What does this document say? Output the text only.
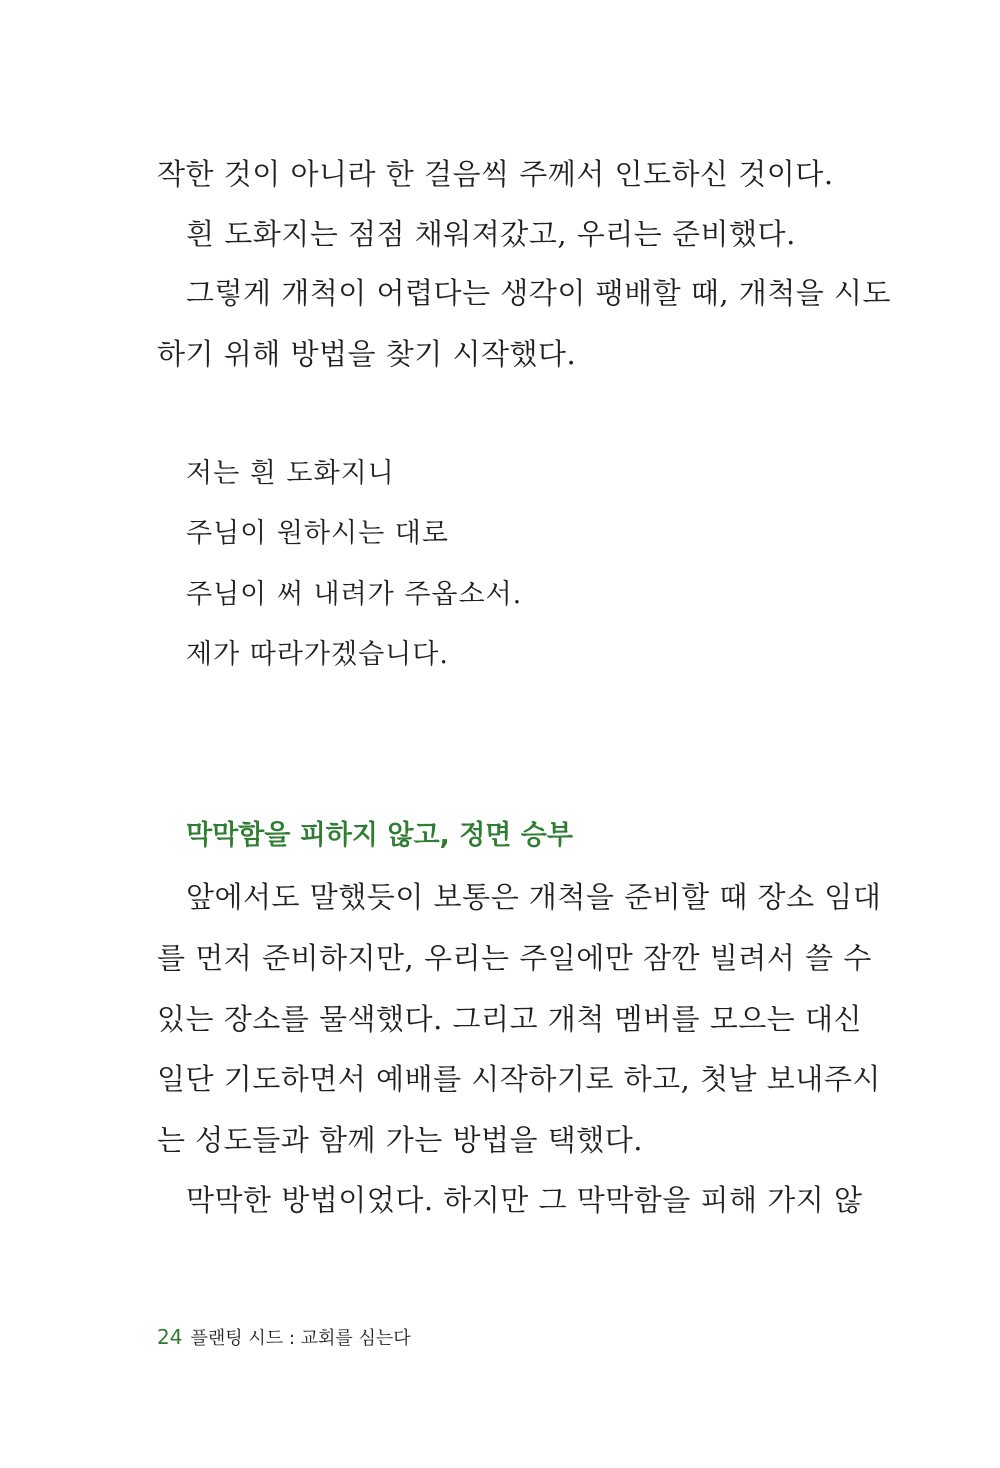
작한 것이 아니라 한 걸음씩 주께서 인도하신 것이다.
흰 도화지는 점점 채워져갔고, 우리는 준비했다.
그렇게 개척이 어렵다는 생각이 팽배할 때, 개척을 시도
하기 위해 방법을 찾기 시작했다.
저는 흰 도화지니
주님이 원하시는 대로
주님이 써 내려가 주옵소서.
제가 따라가겠습니다.
막막함을 피하지 않고, 정면 승부
앞에서도 말했듯이 보통은 개척을 준비할 때 장소 임대
를 먼저 준비하지만, 우리는 주일에만 잠깐 빌려서 쓸 수
있는 장소를 물색했다. 그리고 개척 멤버를 모으는 대신
일단 기도하면서 예배를 시작하기로 하고, 첫날 보내주시
는 성도들과 함께 가는 방법을 택했다.
막막한 방법이었다. 하지만 그 막막함을 피해 가지 않
24 플랜팅 시드 : 교회를 심는다
